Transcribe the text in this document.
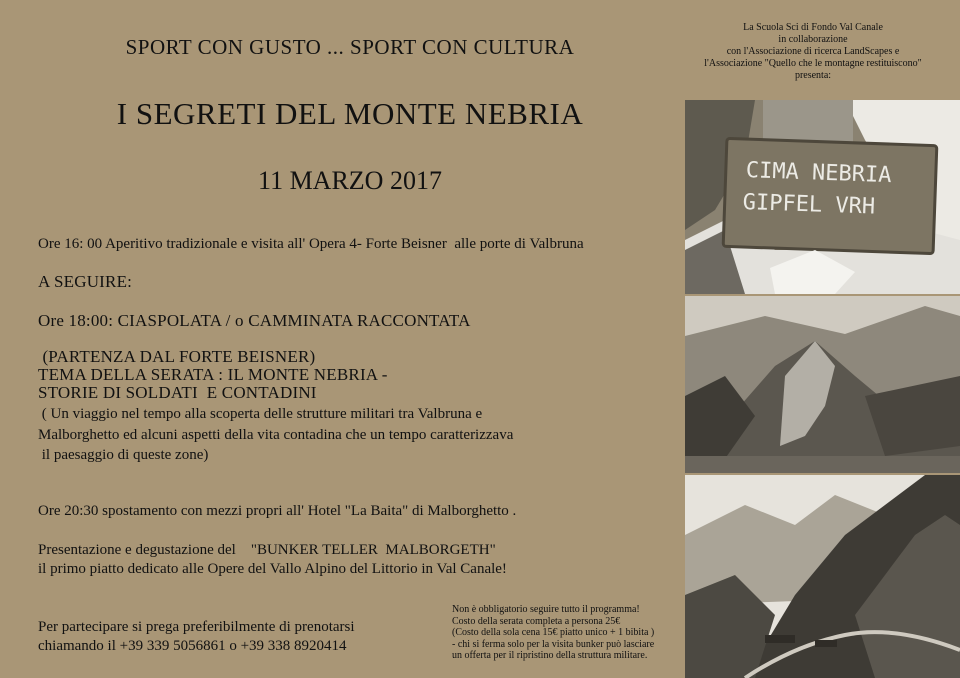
SPORT CON GUSTO ... SPORT CON CULTURA
I SEGRETI DEL MONTE NEBRIA
11 MARZO 2017
La Scuola Sci di Fondo Val Canale
in collaborazione
con l'Associazione di ricerca LandScapes e
l'Associazione "Quello che le montagne restituiscono"
presenta:
Ore 16: 00 Aperitivo tradizionale e visita all' Opera 4- Forte Beisner  alle porte di Valbruna
A SEGUIRE:
Ore 18:00: CIASPOLATA / o CAMMINATA RACCONTATA
(PARTENZA DAL FORTE BEISNER)
TEMA DELLA SERATA : IL MONTE NEBRIA -
STORIE DI SOLDATI  E CONTADINI
( Un viaggio nel tempo alla scoperta delle strutture militari tra Valbruna e
Malborghetto ed alcuni aspetti della vita contadina che un tempo caratterizzava
il paesaggio di queste zone)
Ore 20:30 spostamento con mezzi propri all' Hotel "La Baita" di Malborghetto .
Presentazione e degustazione del    "BUNKER TELLER  MALBORGETH"
il primo piatto dedicato alle Opere del Vallo Alpino del Littorio in Val Canale!
Per partecipare si prega preferibilmente di prenotarsi
chiamando il +39 339 5056861 o +39 338 8920414
Non è obbligatorio seguire tutto il programma!
Costo della serata completa a persona 25€
(Costo della sola cena 15€ piatto unico + 1 bibita )
- chi si ferma solo per la visita bunker può lasciare
un offerta per il ripristino della struttura militare.
CIMA NEBRIA
GIPFEL VRH
